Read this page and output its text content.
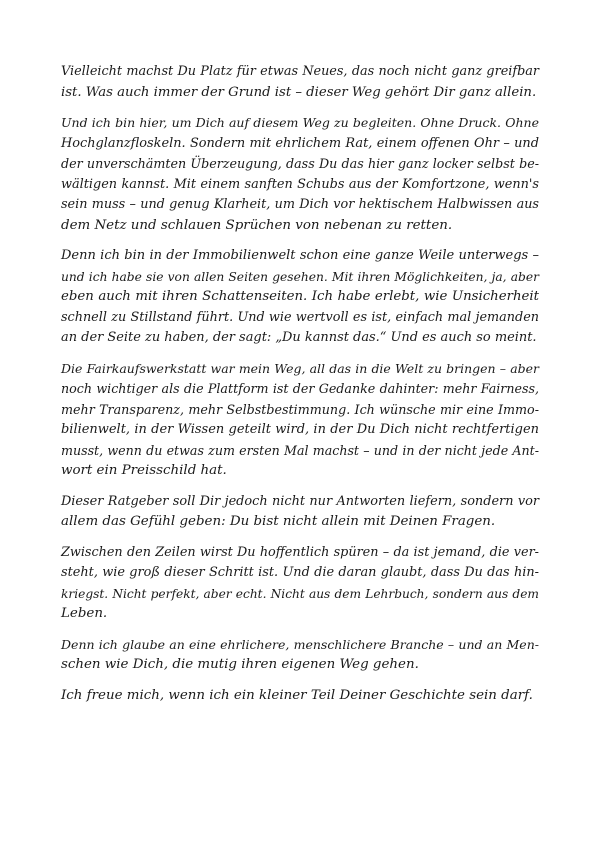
Vielleicht machst Du Platz für etwas Neues, das noch nicht ganz greifbar
ist. Was auch immer der Grund ist – dieser Weg gehört Dir ganz allein.

Und ich bin hier, um Dich auf diesem Weg zu begleiten. Ohne Druck. Ohne
Hochglanzfloskeln. Sondern mit ehrlichem Rat, einem offenen Ohr – und
der unverschämten Überzeugung, dass Du das hier ganz locker selbst be-
wältigen kannst. Mit einem sanften Schubs aus der Komfortzone, wenn's
sein muss – und genug Klarheit, um Dich vor hektischem Halbwissen aus
dem Netz und schlauen Sprüchen von nebenan zu retten.

Denn ich bin in der Immobilienwelt schon eine ganze Weile unterwegs –
und ich habe sie von allen Seiten gesehen. Mit ihren Möglichkeiten, ja, aber
eben auch mit ihren Schattenseiten. Ich habe erlebt, wie Unsicherheit
schnell zu Stillstand führt. Und wie wertvoll es ist, einfach mal jemanden
an der Seite zu haben, der sagt: „Du kannst das.“ Und es auch so meint.

Die Fairkaufswerkstatt war mein Weg, all das in die Welt zu bringen – aber
noch wichtiger als die Plattform ist der Gedanke dahinter: mehr Fairness,
mehr Transparenz, mehr Selbstbestimmung. Ich wünsche mir eine Immo-
bilienwelt, in der Wissen geteilt wird, in der Du Dich nicht rechtfertigen
musst, wenn du etwas zum ersten Mal machst – und in der nicht jede Ant-
wort ein Preisschild hat.

Dieser Ratgeber soll Dir jedoch nicht nur Antworten liefern, sondern vor
allem das Gefühl geben: Du bist nicht allein mit Deinen Fragen.

Zwischen den Zeilen wirst Du hoffentlich spüren – da ist jemand, die ver-
steht, wie groß dieser Schritt ist. Und die daran glaubt, dass Du das hin-
kriegst. Nicht perfekt, aber echt. Nicht aus dem Lehrbuch, sondern aus dem
Leben.

Denn ich glaube an eine ehrlichere, menschlichere Branche – und an Men-
schen wie Dich, die mutig ihren eigenen Weg gehen.

Ich freue mich, wenn ich ein kleiner Teil Deiner Geschichte sein darf.
